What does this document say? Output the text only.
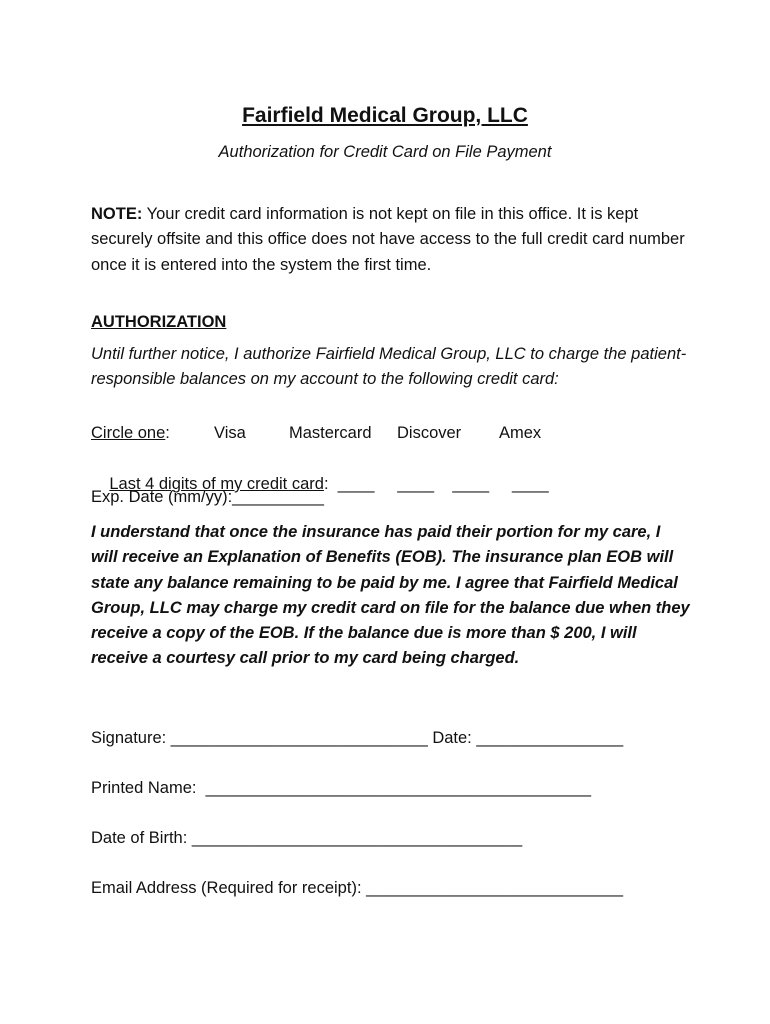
Fairfield Medical Group, LLC
Authorization for Credit Card on File Payment
NOTE: Your credit card information is not kept on file in this office. It is kept securely offsite and this office does not have access to the full credit card number once it is entered into the system the first time.
AUTHORIZATION
Until further notice, I authorize Fairfield Medical Group, LLC to charge the patient-responsible balances on my account to the following credit card:

Circle one:

	Visa

	Mastercard

Discover

Amex

Last 4 digits of my credit card:  ____     ____    ____     ____

Exp. Date (mm/yy):__________
I understand that once the insurance has paid their portion for my care, I will receive an Explanation of Benefits (EOB). The insurance plan EOB will state any balance remaining to be paid by me. I agree that Fairfield Medical Group, LLC may charge my credit card on file for the balance due when they receive a copy of the EOB. If the balance due is more than $ 200, I will receive a courtesy call prior to my card being charged.
Signature: ____________________________ Date: ________________
Printed Name:  __________________________________________
Date of Birth: ____________________________________
Email Address (Required for receipt): ____________________________
